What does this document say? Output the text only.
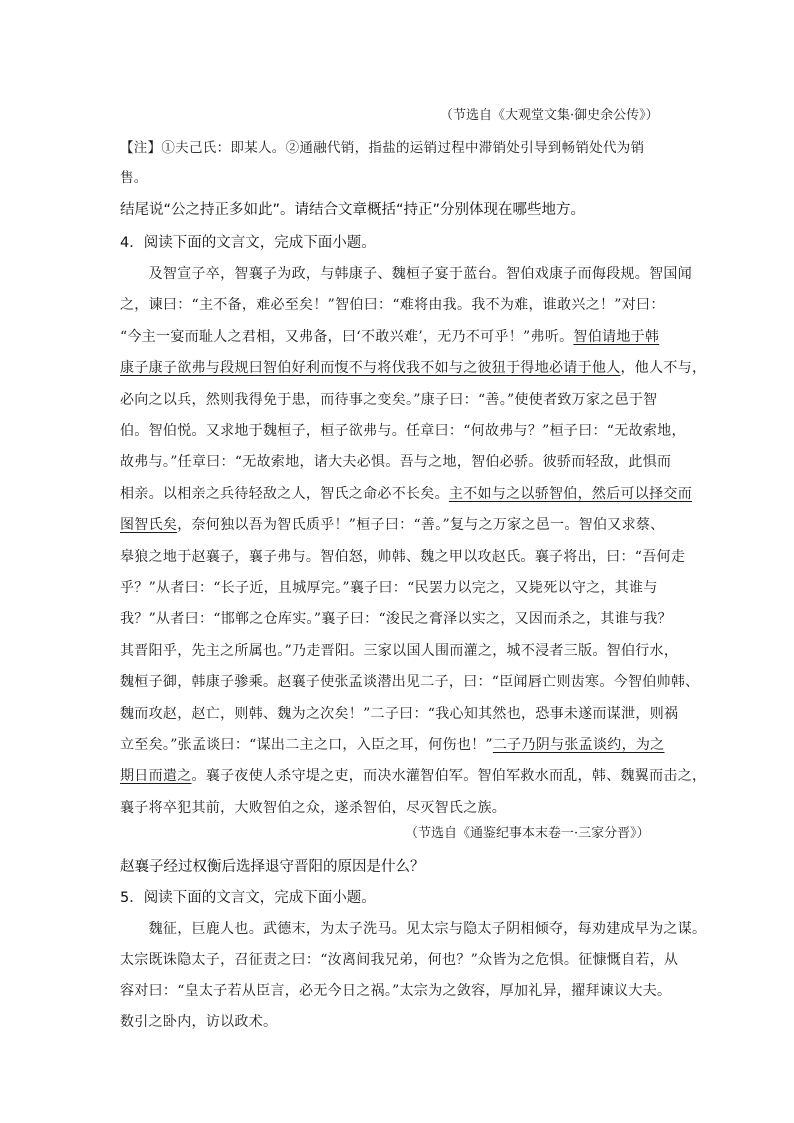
（节选自《大观堂文集·御史余公传》）
【注】①夫己氏：即某人。②通融代销，指盐的运销过程中滞销处引导到畅销处代为销
售。
结尾说“公之持正多如此”。请结合文章概括“持正”分别体现在哪些地方。
4．阅读下面的文言文，完成下面小题。
　　及智宣子卒，智襄子为政，与韩康子、魏桓子宴于蓝台。智伯戏康子而侮段规。智国闻
之，谏曰：“主不备，难必至矣！”智伯曰：“难将由我。我不为难，谁敢兴之！”对曰：
“今主一宴而耻人之君相，又弗备，曰‘不敢兴难’，无乃不可乎！”弗听。智伯请地于韩
康子康子欲弗与段规曰智伯好利而愎不与将伐我不如与之彼狃于得地必请于他人，他人不与，
必向之以兵，然则我得免于患，而待事之变矣。”康子曰：“善。”使使者致万家之邑于智
伯。智伯悦。又求地于魏桓子，桓子欲弗与。任章曰：“何故弗与？”桓子曰：“无故索地，
故弗与。”任章曰：“无故索地，诸大夫必惧。吾与之地，智伯必骄。彼骄而轻敌，此惧而
相亲。以相亲之兵待轻敌之人，智氏之命必不长矣。主不如与之以骄智伯，然后可以择交而
图智氏矣，奈何独以吾为智氏质乎！”桓子曰：“善。”复与之万家之邑一。智伯又求蔡、
皋狼之地于赵襄子，襄子弗与。智伯怒，帅韩、魏之甲以攻赵氏。襄子将出，曰：“吾何走
乎？”从者曰：“长子近，且城厚完。”襄子曰：“民罢力以完之，又毙死以守之，其谁与
我？”从者曰：“邯郸之仓库实。”襄子曰：“浚民之膏泽以实之，又因而杀之，其谁与我？
其晋阳乎，先主之所属也。”乃走晋阳。三家以国人围而灌之，城不浸者三版。智伯行水，
魏桓子御，韩康子骖乘。赵襄子使张孟谈潜出见二子，曰：“臣闻唇亡则齿寒。今智伯帅韩、
魏而攻赵，赵亡，则韩、魏为之次矣！”二子曰：“我心知其然也，恐事未遂而谋泄，则祸
立至矣。”张孟谈曰：“谋出二主之口，入臣之耳，何伤也！”二子乃阴与张孟谈约，为之
期日而遣之。襄子夜使人杀守堤之吏，而决水灌智伯军。智伯军救水而乱，韩、魏翼而击之，
襄子将卒犯其前，大败智伯之众，遂杀智伯，尽灭智氏之族。
（节选自《通鉴纪事本末卷一·三家分晋》）
赵襄子经过权衡后选择退守晋阳的原因是什么？
5．阅读下面的文言文，完成下面小题。
　　魏征，巨鹿人也。武德末，为太子洗马。见太宗与隐太子阴相倾夺，每劝建成早为之谋。
太宗既诛隐太子，召征责之曰：“汝离间我兄弟，何也？”众皆为之危惧。征慷慨自若，从
容对曰：“皇太子若从臣言，必无今日之祸。”太宗为之敛容，厚加礼异，擢拜谏议大夫。
数引之卧内，访以政术。
